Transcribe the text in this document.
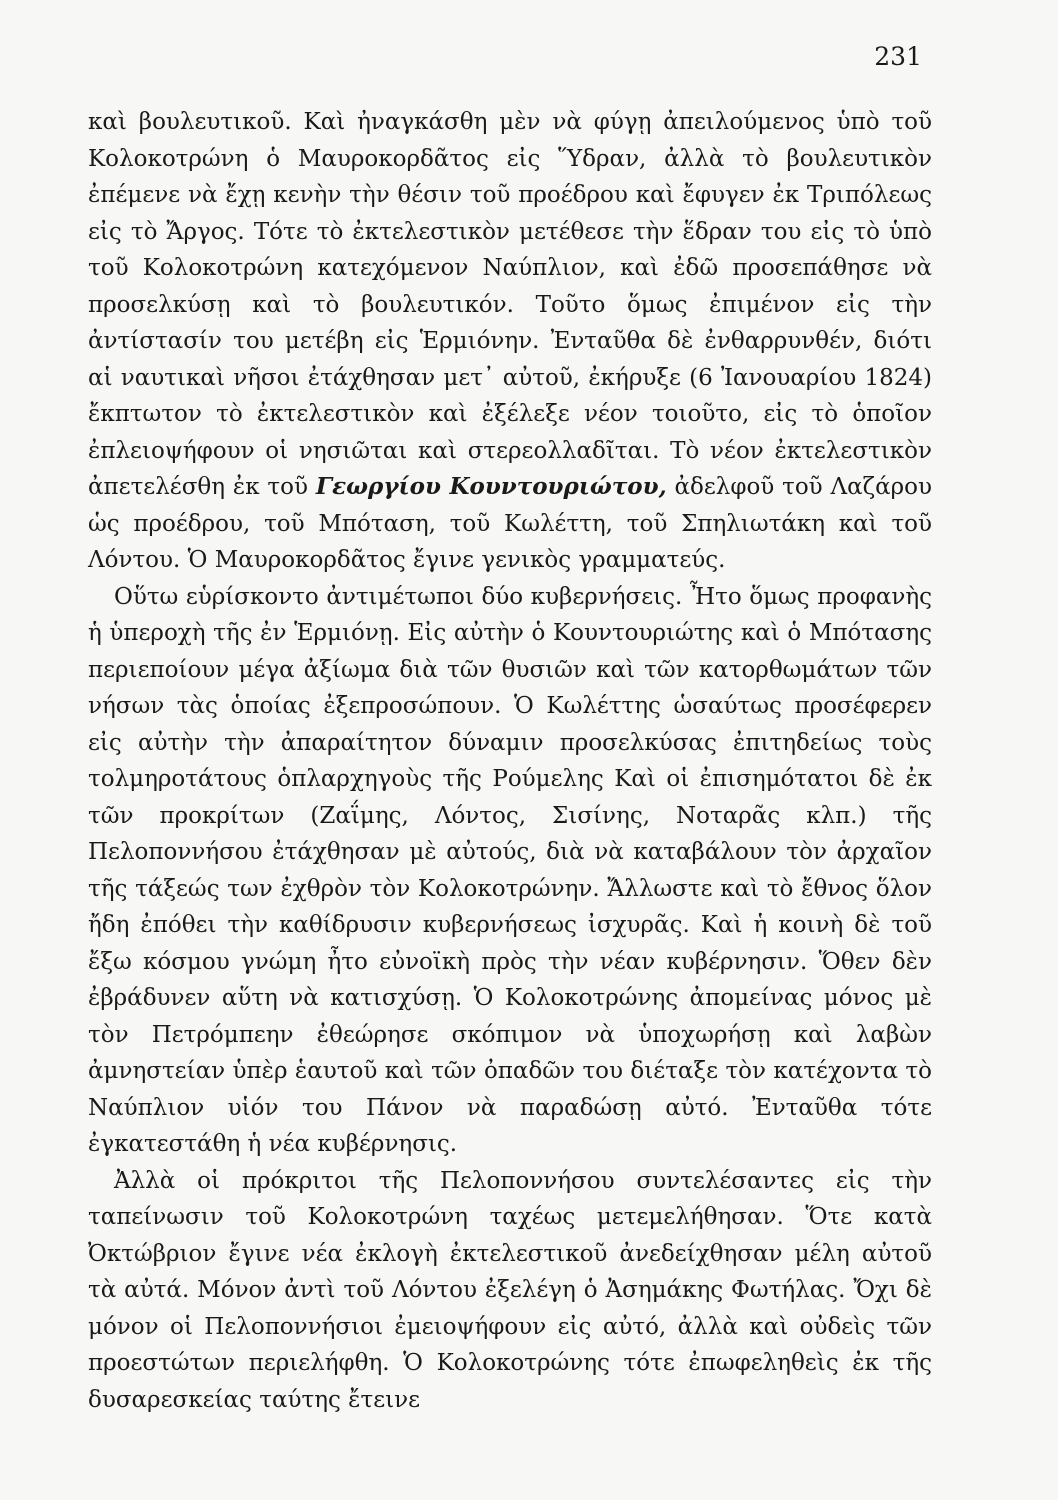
231

καὶ βουλευτικοῦ. Καὶ ἠναγκάσθη μὲν νὰ φύγῃ ἀπειλούμενος ὑπὸ τοῦ Κολοκοτρώνη ὁ Μαυροκορδᾶτος εἰς Ὕδραν, ἀλλὰ τὸ βουλευτικὸν ἐπέμενε νὰ ἔχῃ κενὴν τὴν θέσιν τοῦ προέδρου καὶ ἔφυγεν ἐκ Τριπόλεως εἰς τὸ Ἄργος. Τότε τὸ ἐκτελεστικὸν μετέθεσε τὴν ἕδραν του εἰς τὸ ὑπὸ τοῦ Κολοκοτρώνη κατεχόμενον Ναύπλιον, καὶ ἐδῶ προσεπάθησε νὰ προσελκύσῃ καὶ τὸ βουλευτικόν. Τοῦτο ὅμως ἐπιμένον εἰς τὴν ἀντίστασίν του μετέβη εἰς Ἑρμιόνην. Ἐνταῦθα δὲ ἐνθαρρυνθέν, διότι αἱ ναυτικαὶ νῆσοι ἐτάχθησαν μετ᾿ αὐτοῦ, ἐκήρυξε (6 Ἰανουαρίου 1824) ἔκπτωτον τὸ ἐκτελεστικὸν καὶ ἐξέλεξε νέον τοιοῦτο, εἰς τὸ ὁποῖον ἐπλειοψήφουν οἱ νησιῶται καὶ στερεολλαδῖται. Τὸ νέον ἐκτελεστικὸν ἀπετελέσθη ἐκ τοῦ Γεωργίου Κουντουριώτου, ἀδελφοῦ τοῦ Λαζάρου ὡς προέδρου, τοῦ Μπόταση, τοῦ Κωλέττη, τοῦ Σπηλιωτάκη καὶ τοῦ Λόντου. Ὁ Μαυροκορδᾶτος ἔγινε γενικὸς γραμματεύς.

Οὕτω εὑρίσκοντο ἀντιμέτωποι δύο κυβερνήσεις. Ἦτο ὅμως προφανὴς ἡ ὑπεροχὴ τῆς ἐν Ἑρμιόνῃ. Εἰς αὐτὴν ὁ Κουντουριώτης καὶ ὁ Μπότασης περιεποίουν μέγα ἀξίωμα διὰ τῶν θυσιῶν καὶ τῶν κατορθωμάτων τῶν νήσων τὰς ὁποίας ἐξεπροσώπουν. Ὁ Κωλέττης ὡσαύτως προσέφερεν εἰς αὐτὴν τὴν ἀπαραίτητον δύναμιν προσελκύσας ἐπιτηδείως τοὺς τολμηροτάτους ὁπλαρχηγοὺς τῆς Ρούμελης Καὶ οἱ ἐπισημότατοι δὲ ἐκ τῶν προκρίτων (Ζαΐμης, Λόντος, Σισίνης, Νοταρᾶς κλπ.) τῆς Πελοποννήσου ἐτάχθησαν μὲ αὐτούς, διὰ νὰ καταβάλουν τὸν ἀρχαῖον τῆς τάξεώς των ἐχθρὸν τὸν Κολοκοτρώνην. Ἄλλωστε καὶ τὸ ἔθνος ὅλον ἤδη ἐπόθει τὴν καθίδρυσιν κυβερνήσεως ἰσχυρᾶς. Καὶ ἡ κοινὴ δὲ τοῦ ἔξω κόσμου γνώμη ἦτο εὐνοϊκὴ πρὸς τὴν νέαν κυβέρνησιν. Ὅθεν δὲν ἐβράδυνεν αὕτη νὰ κατισχύσῃ. Ὁ Κολοκοτρώνης ἀπομείνας μόνος μὲ τὸν Πετρόμπεην ἐθεώρησε σκόπιμον νὰ ὑποχωρήσῃ καὶ λαβὼν ἀμνηστείαν ὑπὲρ ἑαυτοῦ καὶ τῶν ὀπαδῶν του διέταξε τὸν κατέχοντα τὸ Ναύπλιον υἱόν του Πάνον νὰ παραδώσῃ αὐτό. Ἐνταῦθα τότε ἐγκατεστάθη ἡ νέα κυβέρνησις.

Ἀλλὰ οἱ πρόκριτοι τῆς Πελοποννήσου συντελέσαντες εἰς τὴν ταπείνωσιν τοῦ Κολοκοτρώνη ταχέως μετεμελήθησαν. Ὅτε κατὰ Ὀκτώβριον ἔγινε νέα ἐκλογὴ ἐκτελεστικοῦ ἀνεδείχθησαν μέλη αὐτοῦ τὰ αὐτά. Μόνον ἀντὶ τοῦ Λόντου ἐξελέγη ὁ Ἀσημάκης Φωτήλας. Ὄχι δὲ μόνον οἱ Πελοποννήσιοι ἐμειοψήφουν εἰς αὐτό, ἀλλὰ καὶ οὐδεὶς τῶν προεστώτων περιελήφθη. Ὁ Κολοκοτρώνης τότε ἐπωφεληθεὶς ἐκ τῆς δυσαρεσκείας ταύτης ἔτεινε
